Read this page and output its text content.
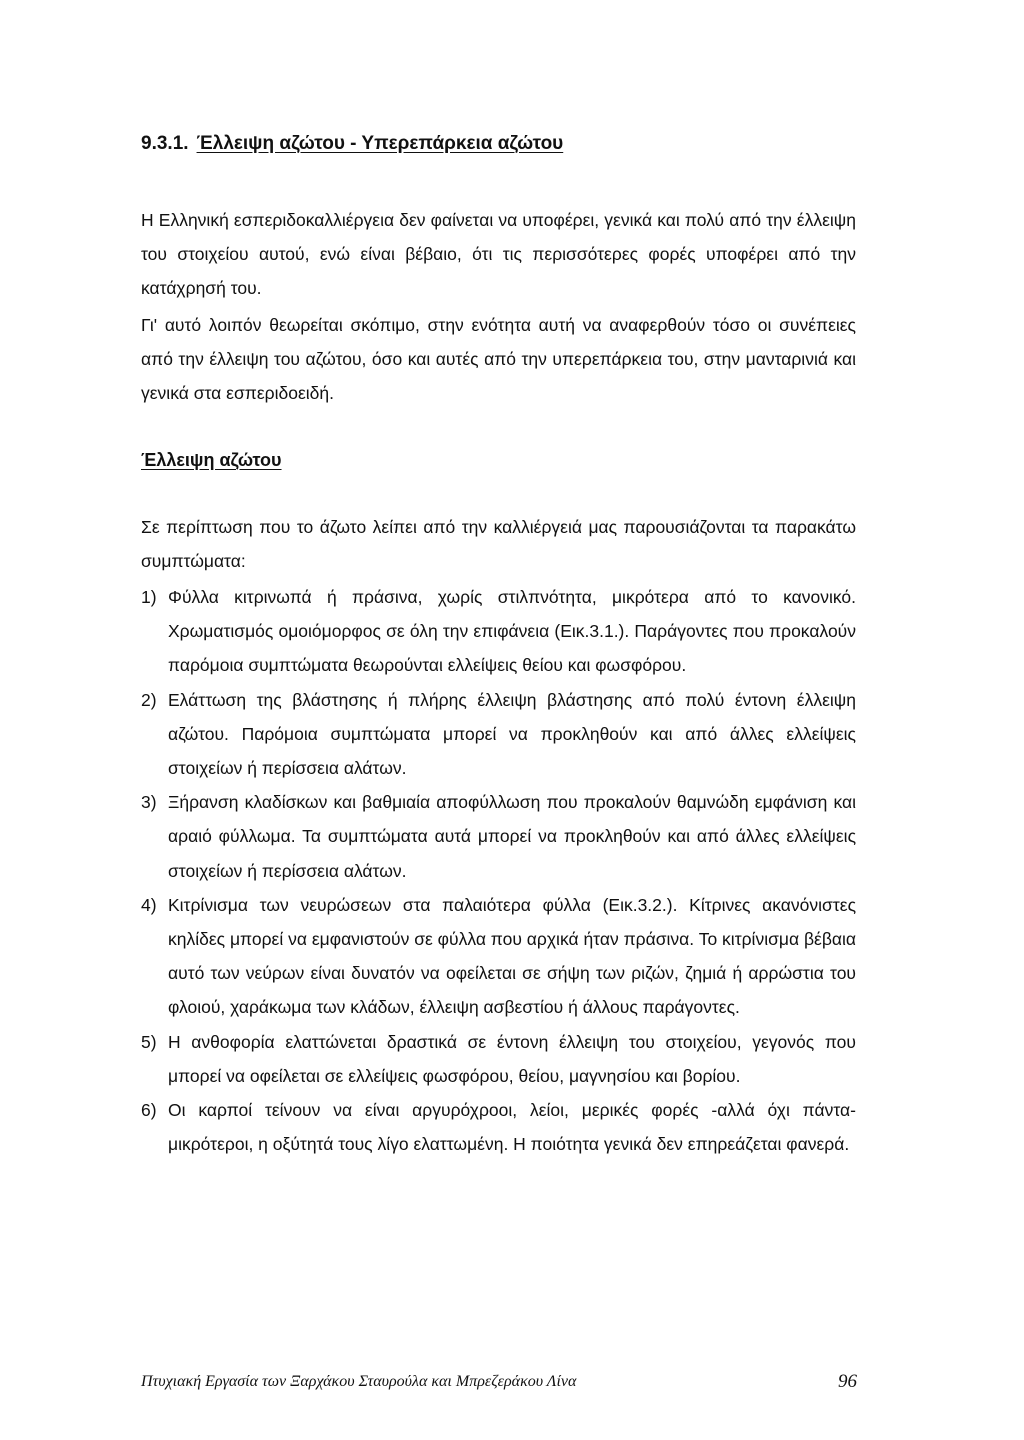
9.3.1. Έλλειψη αζώτου - Υπερεπάρκεια αζώτου

Η Ελληνική εσπεριδοκαλλιέργεια δεν φαίνεται να υποφέρει, γενικά και πολύ από την έλλειψη του στοιχείου αυτού, ενώ είναι βέβαιο, ότι τις περισσότερες φορές υποφέρει από την κατάχρησή του.

Γι' αυτό λοιπόν θεωρείται σκόπιμο, στην ενότητα αυτή να αναφερθούν τόσο οι συνέπειες από την έλλειψη του αζώτου, όσο και αυτές από την υπερεπάρκεια του, στην μανταρινιά και γενικά στα εσπεριδοειδή.

Έλλειψη αζώτου

Σε περίπτωση που το άζωτο λείπει από την καλλιέργειά μας παρουσιάζονται τα παρακάτω συμπτώματα:

1) Φύλλα κιτρινωπά ή πράσινα, χωρίς στιλπνότητα, μικρότερα από το κανονικό. Χρωματισμός ομοιόμορφος σε όλη την επιφάνεια (Εικ.3.1.). Παράγοντες που προκαλούν παρόμοια συμπτώματα θεωρούνται ελλείψεις θείου και φωσφόρου.
2) Ελάττωση της βλάστησης ή πλήρης έλλειψη βλάστησης από πολύ έντονη έλλειψη αζώτου. Παρόμοια συμπτώματα μπορεί να προκληθούν και από άλλες ελλείψεις στοιχείων ή περίσσεια αλάτων.
3) Ξήρανση κλαδίσκων και βαθμιαία αποφύλλωση που προκαλούν θαμνώδη εμφάνιση και αραιό φύλλωμα. Τα συμπτώματα αυτά μπορεί να προκληθούν και από άλλες ελλείψεις στοιχείων ή περίσσεια αλάτων.
4) Κιτρίνισμα των νευρώσεων στα παλαιότερα φύλλα (Εικ.3.2.). Κίτρινες ακανόνιστες κηλίδες μπορεί να εμφανιστούν σε φύλλα που αρχικά ήταν πράσινα. Το κιτρίνισμα βέβαια αυτό των νεύρων είναι δυνατόν να οφείλεται σε σήψη των ριζών, ζημιά ή αρρώστια του φλοιού, χαράκωμα των κλάδων, έλλειψη ασβεστίου ή άλλους παράγοντες.
5) Η ανθοφορία ελαττώνεται δραστικά σε έντονη έλλειψη του στοιχείου, γεγονός που μπορεί να οφείλεται σε ελλείψεις φωσφόρου, θείου, μαγνησίου και βορίου.
6) Οι καρποί τείνουν να είναι αργυρόχροοι, λείοι, μερικές φορές -αλλά όχι πάντα- μικρότεροι, η οξύτητά τους λίγο ελαττωμένη. Η ποιότητα γενικά δεν επηρεάζεται φανερά.
Πτυχιακή Εργασία των Ξαρχάκου Σταυρούλα και Μπρεζεράκου Λίνα	96
